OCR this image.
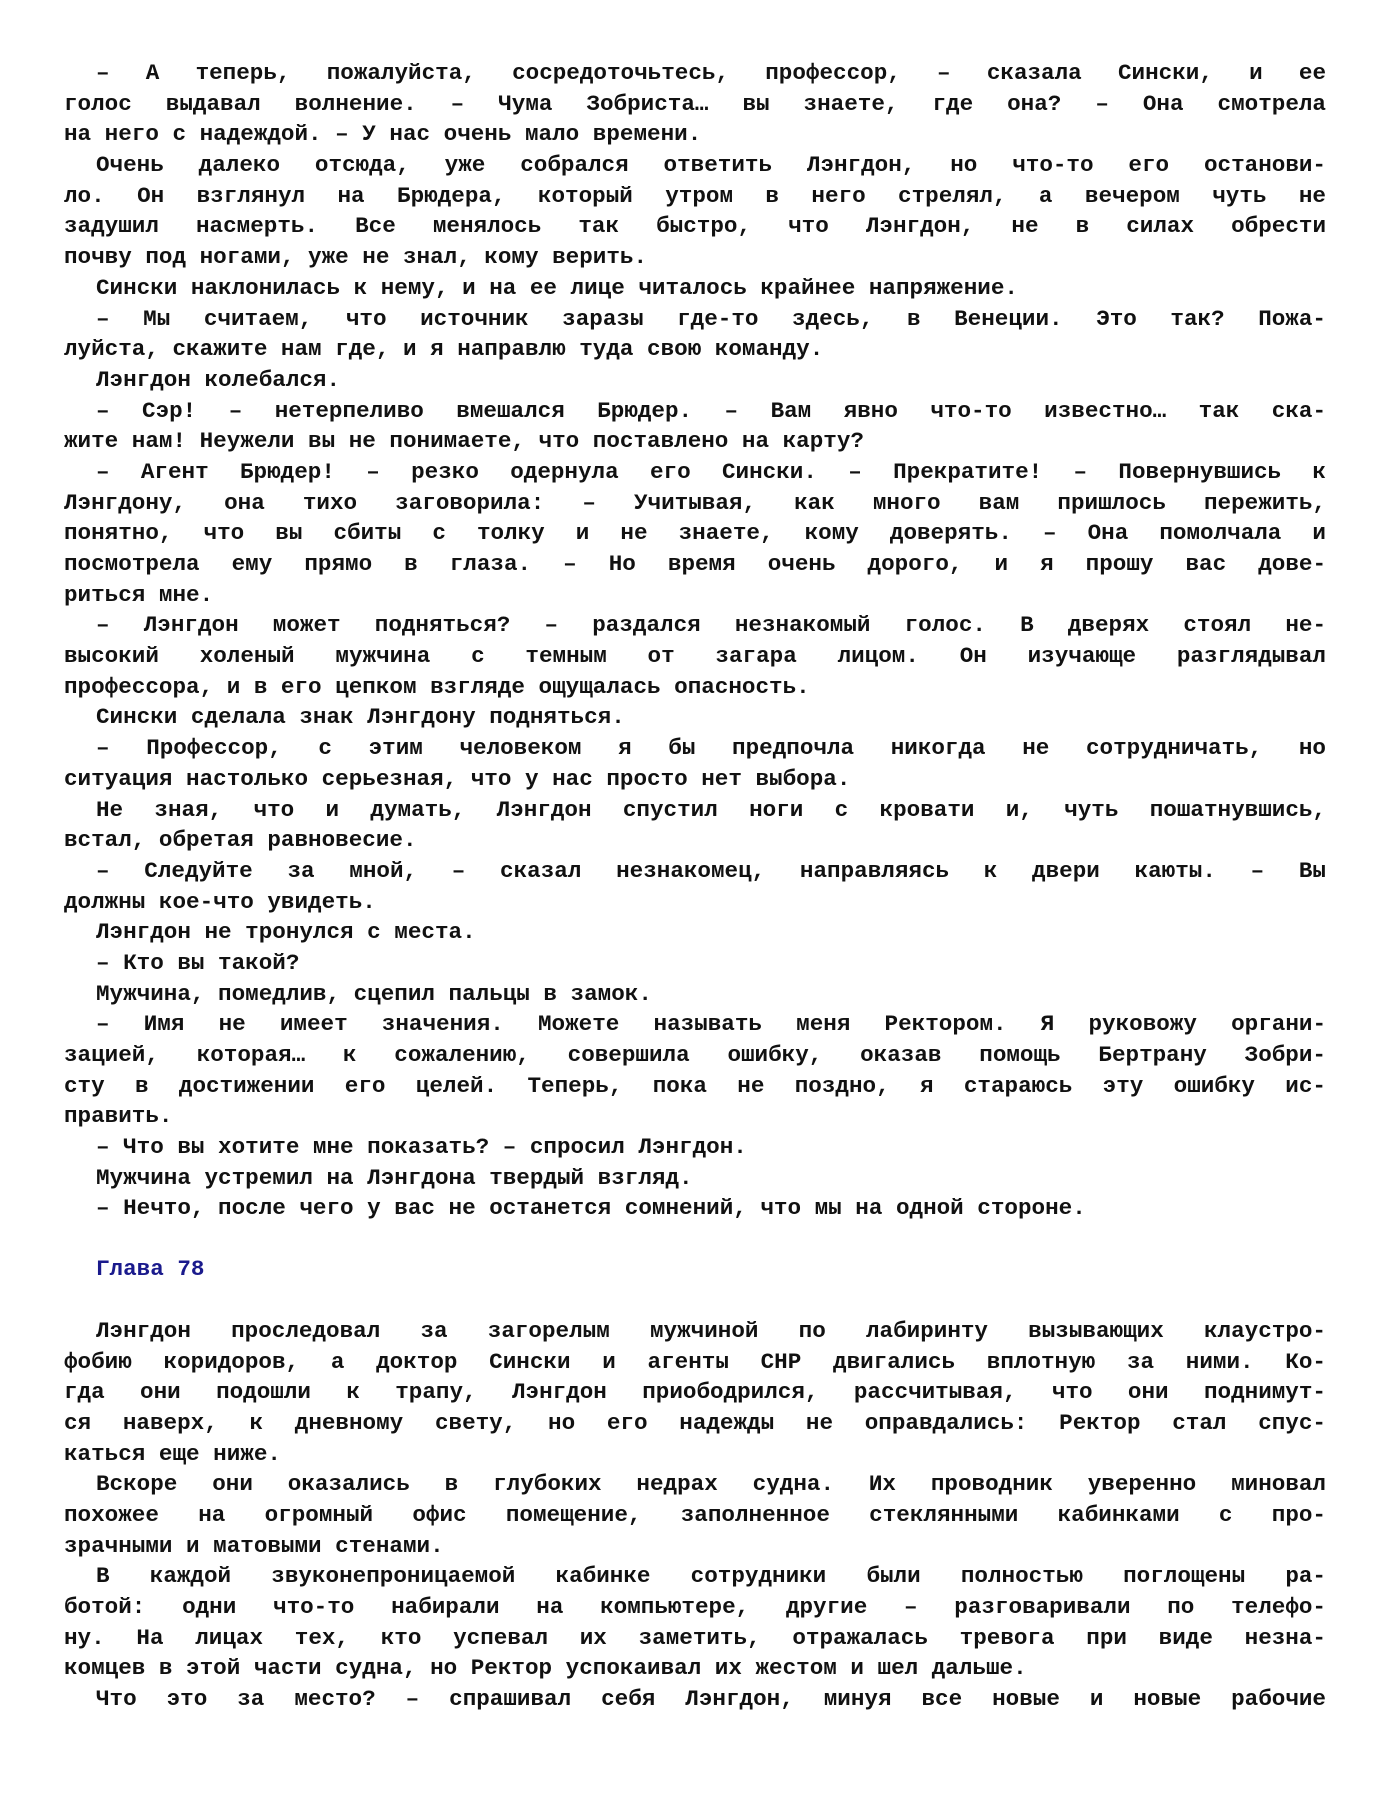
– А теперь, пожалуйста, сосредоточьтесь, профессор, – сказала Сински, и ее
голос выдавал волнение. – Чума Зобриста… вы знаете, где она? – Она смотрела
на него с надеждой. – У нас очень мало времени.
Очень далеко отсюда, уже собрался ответить Лэнгдон, но что-то его останови-
ло. Он взглянул на Брюдера, который утром в него стрелял, а вечером чуть не
задушил насмерть. Все менялось так быстро, что Лэнгдон, не в силах обрести
почву под ногами, уже не знал, кому верить.
Сински наклонилась к нему, и на ее лице читалось крайнее напряжение.
– Мы считаем, что источник заразы где-то здесь, в Венеции. Это так? Пожа-
луйста, скажите нам где, и я направлю туда свою команду.
Лэнгдон колебался.
– Сэр! – нетерпеливо вмешался Брюдер. – Вам явно что-то известно… так ска-
жите нам! Неужели вы не понимаете, что поставлено на карту?
– Агент Брюдер! – резко одернула его Сински. – Прекратите! – Повернувшись к
Лэнгдону, она тихо заговорила: – Учитывая, как много вам пришлось пережить,
понятно, что вы сбиты с толку и не знаете, кому доверять. – Она помолчала и
посмотрела ему прямо в глаза. – Но время очень дорого, и я прошу вас дове-
риться мне.
– Лэнгдон может подняться? – раздался незнакомый голос. В дверях стоял не-
высокий холеный мужчина с темным от загара лицом. Он изучающе разглядывал
профессора, и в его цепком взгляде ощущалась опасность.
Сински сделала знак Лэнгдону подняться.
– Профессор, с этим человеком я бы предпочла никогда не сотрудничать, но
ситуация настолько серьезная, что у нас просто нет выбора.
Не зная, что и думать, Лэнгдон спустил ноги с кровати и, чуть пошатнувшись,
встал, обретая равновесие.
– Следуйте за мной, – сказал незнакомец, направляясь к двери каюты. – Вы
должны кое-что увидеть.
Лэнгдон не тронулся с места.
– Кто вы такой?
Мужчина, помедлив, сцепил пальцы в замок.
– Имя не имеет значения. Можете называть меня Ректором. Я руковожу органи-
зацией, которая… к сожалению, совершила ошибку, оказав помощь Бертрану Зобри-
сту в достижении его целей. Теперь, пока не поздно, я стараюсь эту ошибку ис-
править.
– Что вы хотите мне показать? – спросил Лэнгдон.
Мужчина устремил на Лэнгдона твердый взгляд.
– Нечто, после чего у вас не останется сомнений, что мы на одной стороне.
Глава 78
Лэнгдон проследовал за загорелым мужчиной по лабиринту вызывающих клаустро-
фобию коридоров, а доктор Сински и агенты СНР двигались вплотную за ними. Ко-
гда они подошли к трапу, Лэнгдон приободрился, рассчитывая, что они поднимут-
ся наверх, к дневному свету, но его надежды не оправдались: Ректор стал спус-
каться еще ниже.
Вскоре они оказались в глубоких недрах судна. Их проводник уверенно миновал
похожее на огромный офис помещение, заполненное стеклянными кабинками с про-
зрачными и матовыми стенами.
В каждой звуконепроницаемой кабинке сотрудники были полностью поглощены ра-
ботой: одни что-то набирали на компьютере, другие – разговаривали по телефо-
ну. На лицах тех, кто успевал их заметить, отражалась тревога при виде незна-
комцев в этой части судна, но Ректор успокаивал их жестом и шел дальше.
Что это за место? – спрашивал себя Лэнгдон, минуя все новые и новые рабочие
